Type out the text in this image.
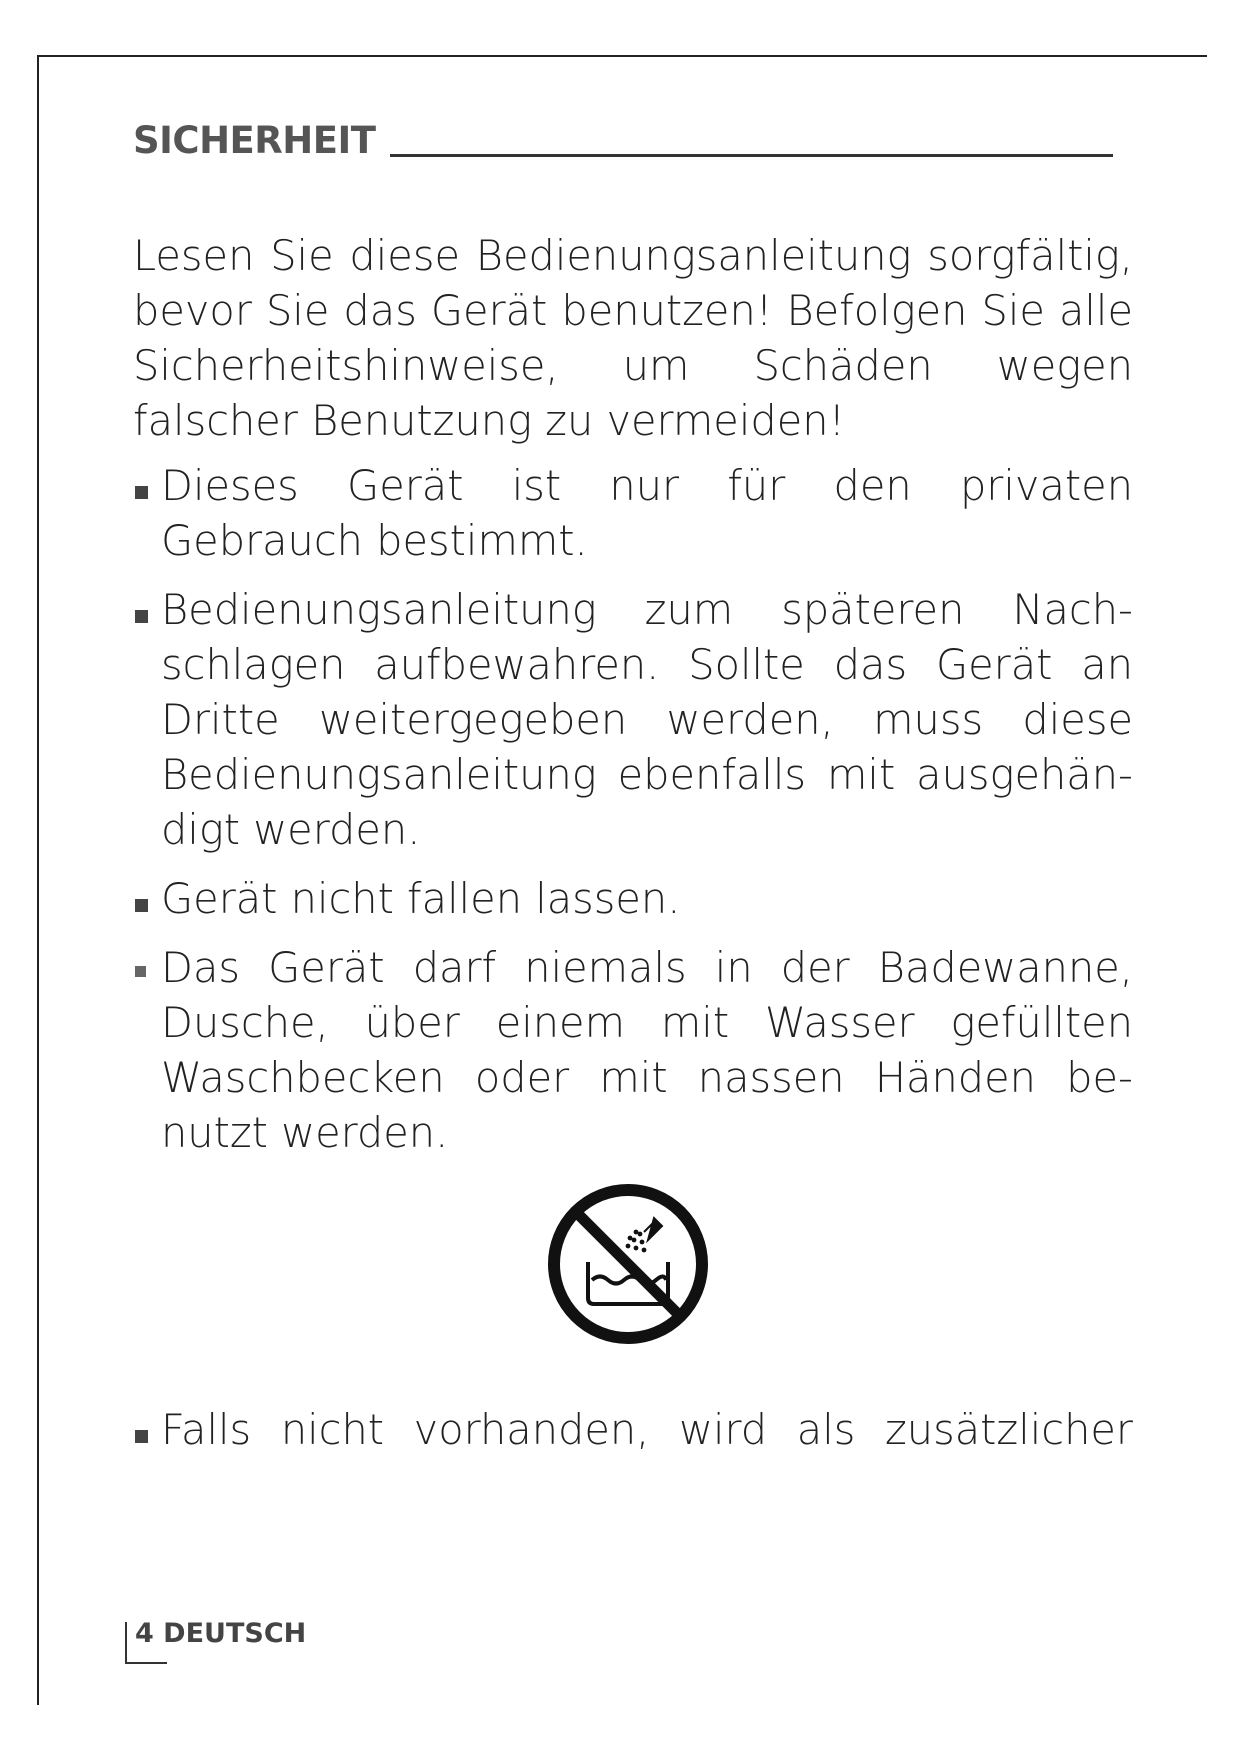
SICHERHEIT

Lesen Sie diese Bedienungsanleitung sorgfältig, bevor Sie das Gerät benutzen! Befolgen Sie alle Sicherheitshinweise, um Schäden wegen falscher Benutzung zu vermeiden!

Dieses Gerät ist nur für den privaten Gebrauch bestimmt.
Bedienungsanleitung zum späteren Nachschlagen aufbewahren. Sollte das Gerät an Dritte weitergegeben werden, muss diese Bedienungsanleitung ebenfalls mit ausgehändigt werden.
Gerät nicht fallen lassen.
Das Gerät darf niemals in der Badewanne, Dusche, über einem mit Wasser gefüllten Waschbecken oder mit nassen Händen benutzt werden.
Falls nicht vorhanden, wird als zusätzlicher
4 DEUTSCH
